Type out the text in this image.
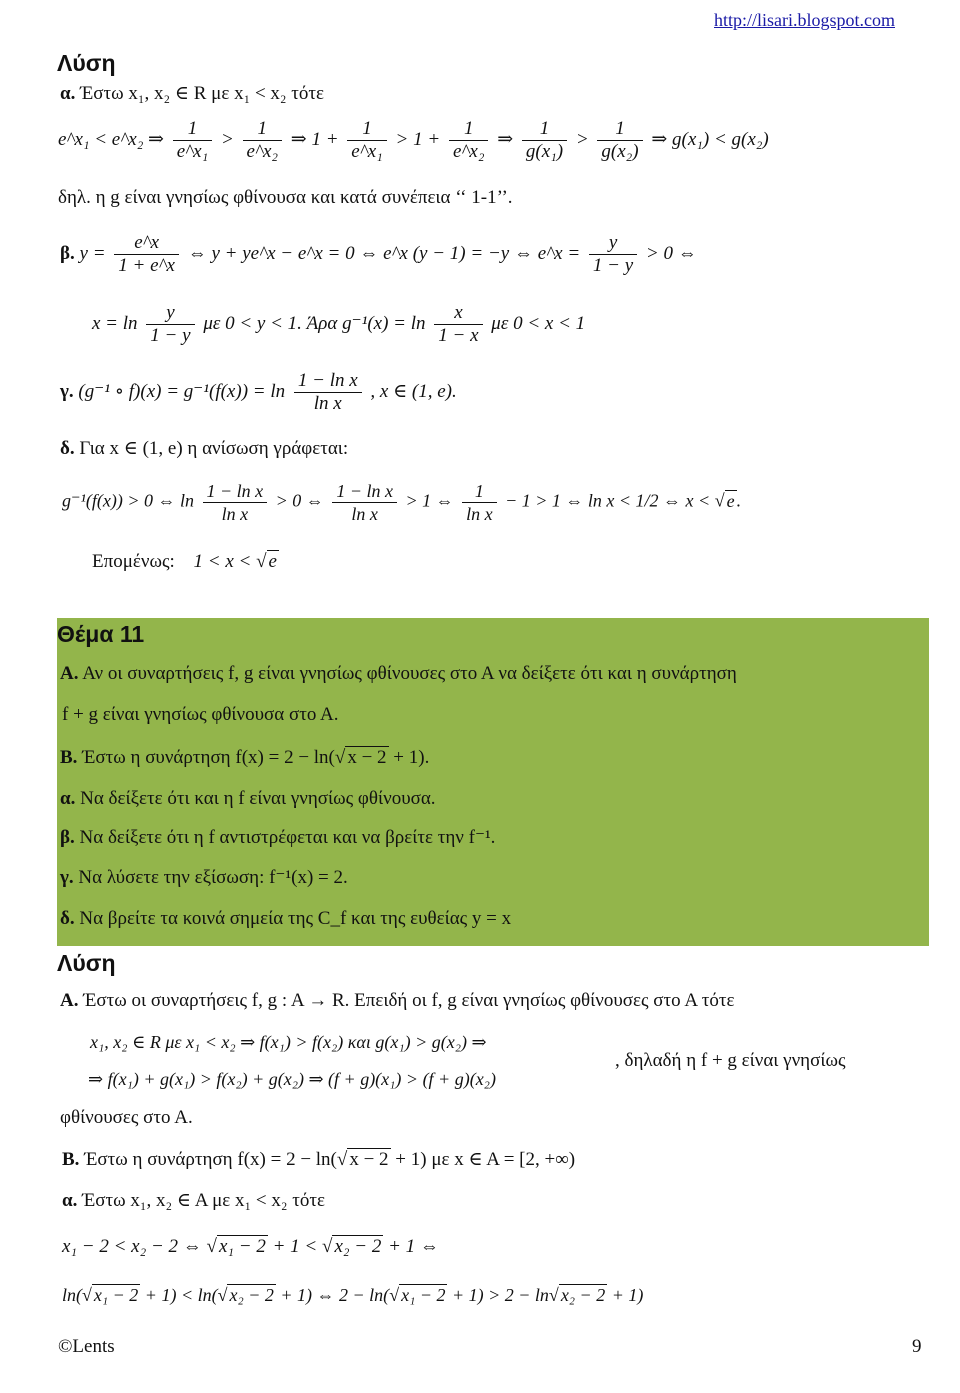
http://lisari.blogspot.com
Λύση
α. Έστω x₁, x₂ ∈ R με x₁ < x₂ τότε
e^x₁ < e^x₂ ⇒ $\frac{1}{\text{e\textasciicircum{}x₁}} > \frac{1}{\text{e\textasciicircum{}x₂}}$ ⇒ $1 + \frac{1}{\text{e\textasciicircum{}x₁}} > 1 + \frac{1}{\text{e\textasciicircum{}x₂}}$ ⇒ $\frac{1}{\text{g(x₁)}} > \frac{1}{\text{g(x₂)}}$ ⇒ g(x₁) < g(x₂)
δηλ. η g είναι γνησίως φθίνουσα και κατά συνέπεια ‘‘ 1-1’’.
β. $y = \frac{e\^{}x}{1 + e\^{}x}$ ⇔ y + ye^x − e^x = 0 ⇔ e^x (y − 1) = −y ⇔ e^x = $\frac{y}{1 - y} > 0$ ⇔
$x = \ln \frac{y}{1 - y}$ με 0 < y < 1. Άρα $g^{-1}(x) = \ln \frac{x}{1 - x}$ με 0 < x < 1
γ. (g⁻¹ ∘ $f)(x) = g^{-1}(f(x)) = \ln \frac{\text{1 − ln x}}{\text{ln x}}$ , x ∈ (1, e).
δ. Για x ∈ (1, e) η ανίσωση γράφεται:
g⁻¹(f(x)) > 0 ⇔ $\ln \frac{\text{1 − ln x}}{\text{ln x}} > 0$ ⇔ $\frac{\text{1 − ln x}}{\text{ln x}} > 1$ ⇔ $\frac{1}{\text{ln x}} - 1 > 1$ ⇔ ln x < 1/2 ⇔ x < √ e .
Επομένως: 1 < x < √ e
Θέμα 11
Α. Αν οι συναρτήσεις f, g είναι γνησίως φθίνουσες στο Α να δείξετε ότι και η συνάρτηση
f + g είναι γνησίως φθίνουσα στο Α.
Β. Έστω η συνάρτηση f(x) = 2 − ln(√ x − 2 + 1).
α. Να δείξετε ότι και η f είναι γνησίως φθίνουσα.
β. Να δείξετε ότι η f αντιστρέφεται και να βρείτε την f⁻¹.
γ. Να λύσετε την εξίσωση: f⁻¹(x) = 2.
δ. Να βρείτε τα κοινά σημεία της C_f και της ευθείας y = x
Λύση
Α. Έστω οι συναρτήσεις f, g : A → R. Επειδή οι f, g είναι γνησίως φθίνουσες στο Α τότε
x₁, x₂ ∈ R με x₁ < x₂ ⇒ f(x₁) > f(x₂) και g(x₁) > g(x₂) ⇒
⇒ f(x₁) + g(x₁) > f(x₂) + g(x₂) ⇒ (f + g)(x₁) > (f + g)(x₂)
, δηλαδή η f + g είναι γνησίως
φθίνουσες στο Α.
Β. Έστω η συνάρτηση f(x) = 2 − ln(√ x − 2 + 1) με x ∈ A = [2, +∞)
α. Έστω x₁, x₂ ∈ A με x₁ < x₂ τότε
x₁ − 2 < x₂ − 2 ⇔ √ x₁ − 2 + 1 < √ x₂ − 2 + 1 ⇔
ln(√ x₁ − 2 + 1) < ln(√ x₂ − 2 + 1) ⇔ 2 − ln(√ x₁ − 2 + 1) > 2 − ln√ x₂ − 2 + 1)
©Lents	9
